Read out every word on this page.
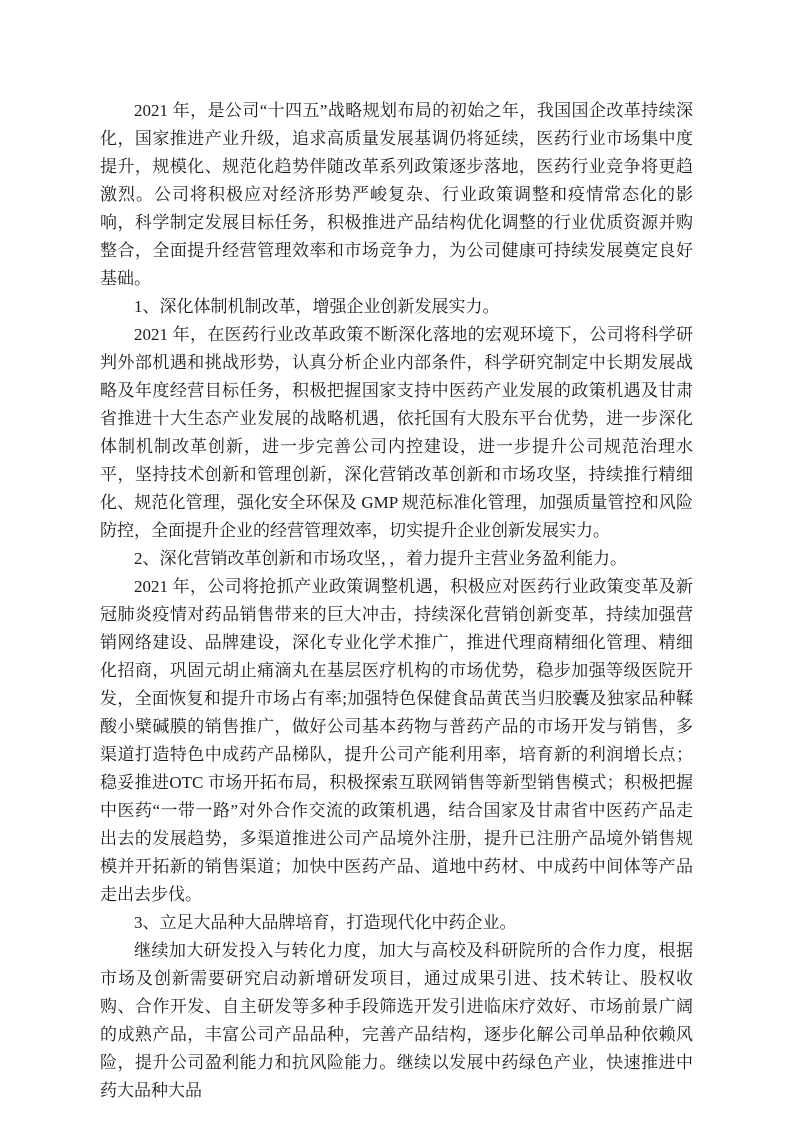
2021 年，是公司“十四五”战略规划布局的初始之年，我国国企改革持续深化，国家推进产业升级，追求高质量发展基调仍将延续，医药行业市场集中度提升，规模化、规范化趋势伴随改革系列政策逐步落地，医药行业竞争将更趋激烈。公司将积极应对经济形势严峻复杂、行业政策调整和疫情常态化的影响，科学制定发展目标任务，积极推进产品结构优化调整的行业优质资源并购整合，全面提升经营管理效率和市场竞争力，为公司健康可持续发展奠定良好基础。

1、深化体制机制改革，增强企业创新发展实力。

2021 年，在医药行业改革政策不断深化落地的宏观环境下，公司将科学研判外部机遇和挑战形势，认真分析企业内部条件，科学研究制定中长期发展战略及年度经营目标任务，积极把握国家支持中医药产业发展的政策机遇及甘肃省推进十大生态产业发展的战略机遇，依托国有大股东平台优势，进一步深化体制机制改革创新，进一步完善公司内控建设，进一步提升公司规范治理水平，坚持技术创新和管理创新，深化营销改革创新和市场攻坚，持续推行精细化、规范化管理，强化安全环保及 GMP 规范标准化管理，加强质量管控和风险防控，全面提升企业的经营管理效率，切实提升企业创新发展实力。

2、深化营销改革创新和市场攻坚，，着力提升主营业务盈利能力。

2021 年，公司将抢抓产业政策调整机遇，积极应对医药行业政策变革及新冠肺炎疫情对药品销售带来的巨大冲击，持续深化营销创新变革，持续加强营销网络建设、品牌建设，深化专业化学术推广，推进代理商精细化管理、精细化招商，巩固元胡止痛滴丸在基层医疗机构的市场优势，稳步加强等级医院开发，全面恢复和提升市场占有率;加强特色保健食品黄芪当归胶囊及独家品种鞣酸小檗碱膜的销售推广，做好公司基本药物与普药产品的市场开发与销售，多渠道打造特色中成药产品梯队，提升公司产能利用率，培育新的利润增长点；稳妥推进OTC 市场开拓布局，积极探索互联网销售等新型销售模式；积极把握中医药“一带一路”对外合作交流的政策机遇，结合国家及甘肃省中医药产品走出去的发展趋势，多渠道推进公司产品境外注册，提升已注册产品境外销售规模并开拓新的销售渠道；加快中医药产品、道地中药材、中成药中间体等产品走出去步伐。

3、立足大品种大品牌培育，打造现代化中药企业。

继续加大研发投入与转化力度，加大与高校及科研院所的合作力度，根据市场及创新需要研究启动新增研发项目，通过成果引进、技术转让、股权收购、合作开发、自主研发等多种手段筛选开发引进临床疗效好、市场前景广阔的成熟产品，丰富公司产品品种，完善产品结构，逐步化解公司单品种依赖风险，提升公司盈利能力和抗风险能力。继续以发展中药绿色产业，快速推进中药大品种大品
